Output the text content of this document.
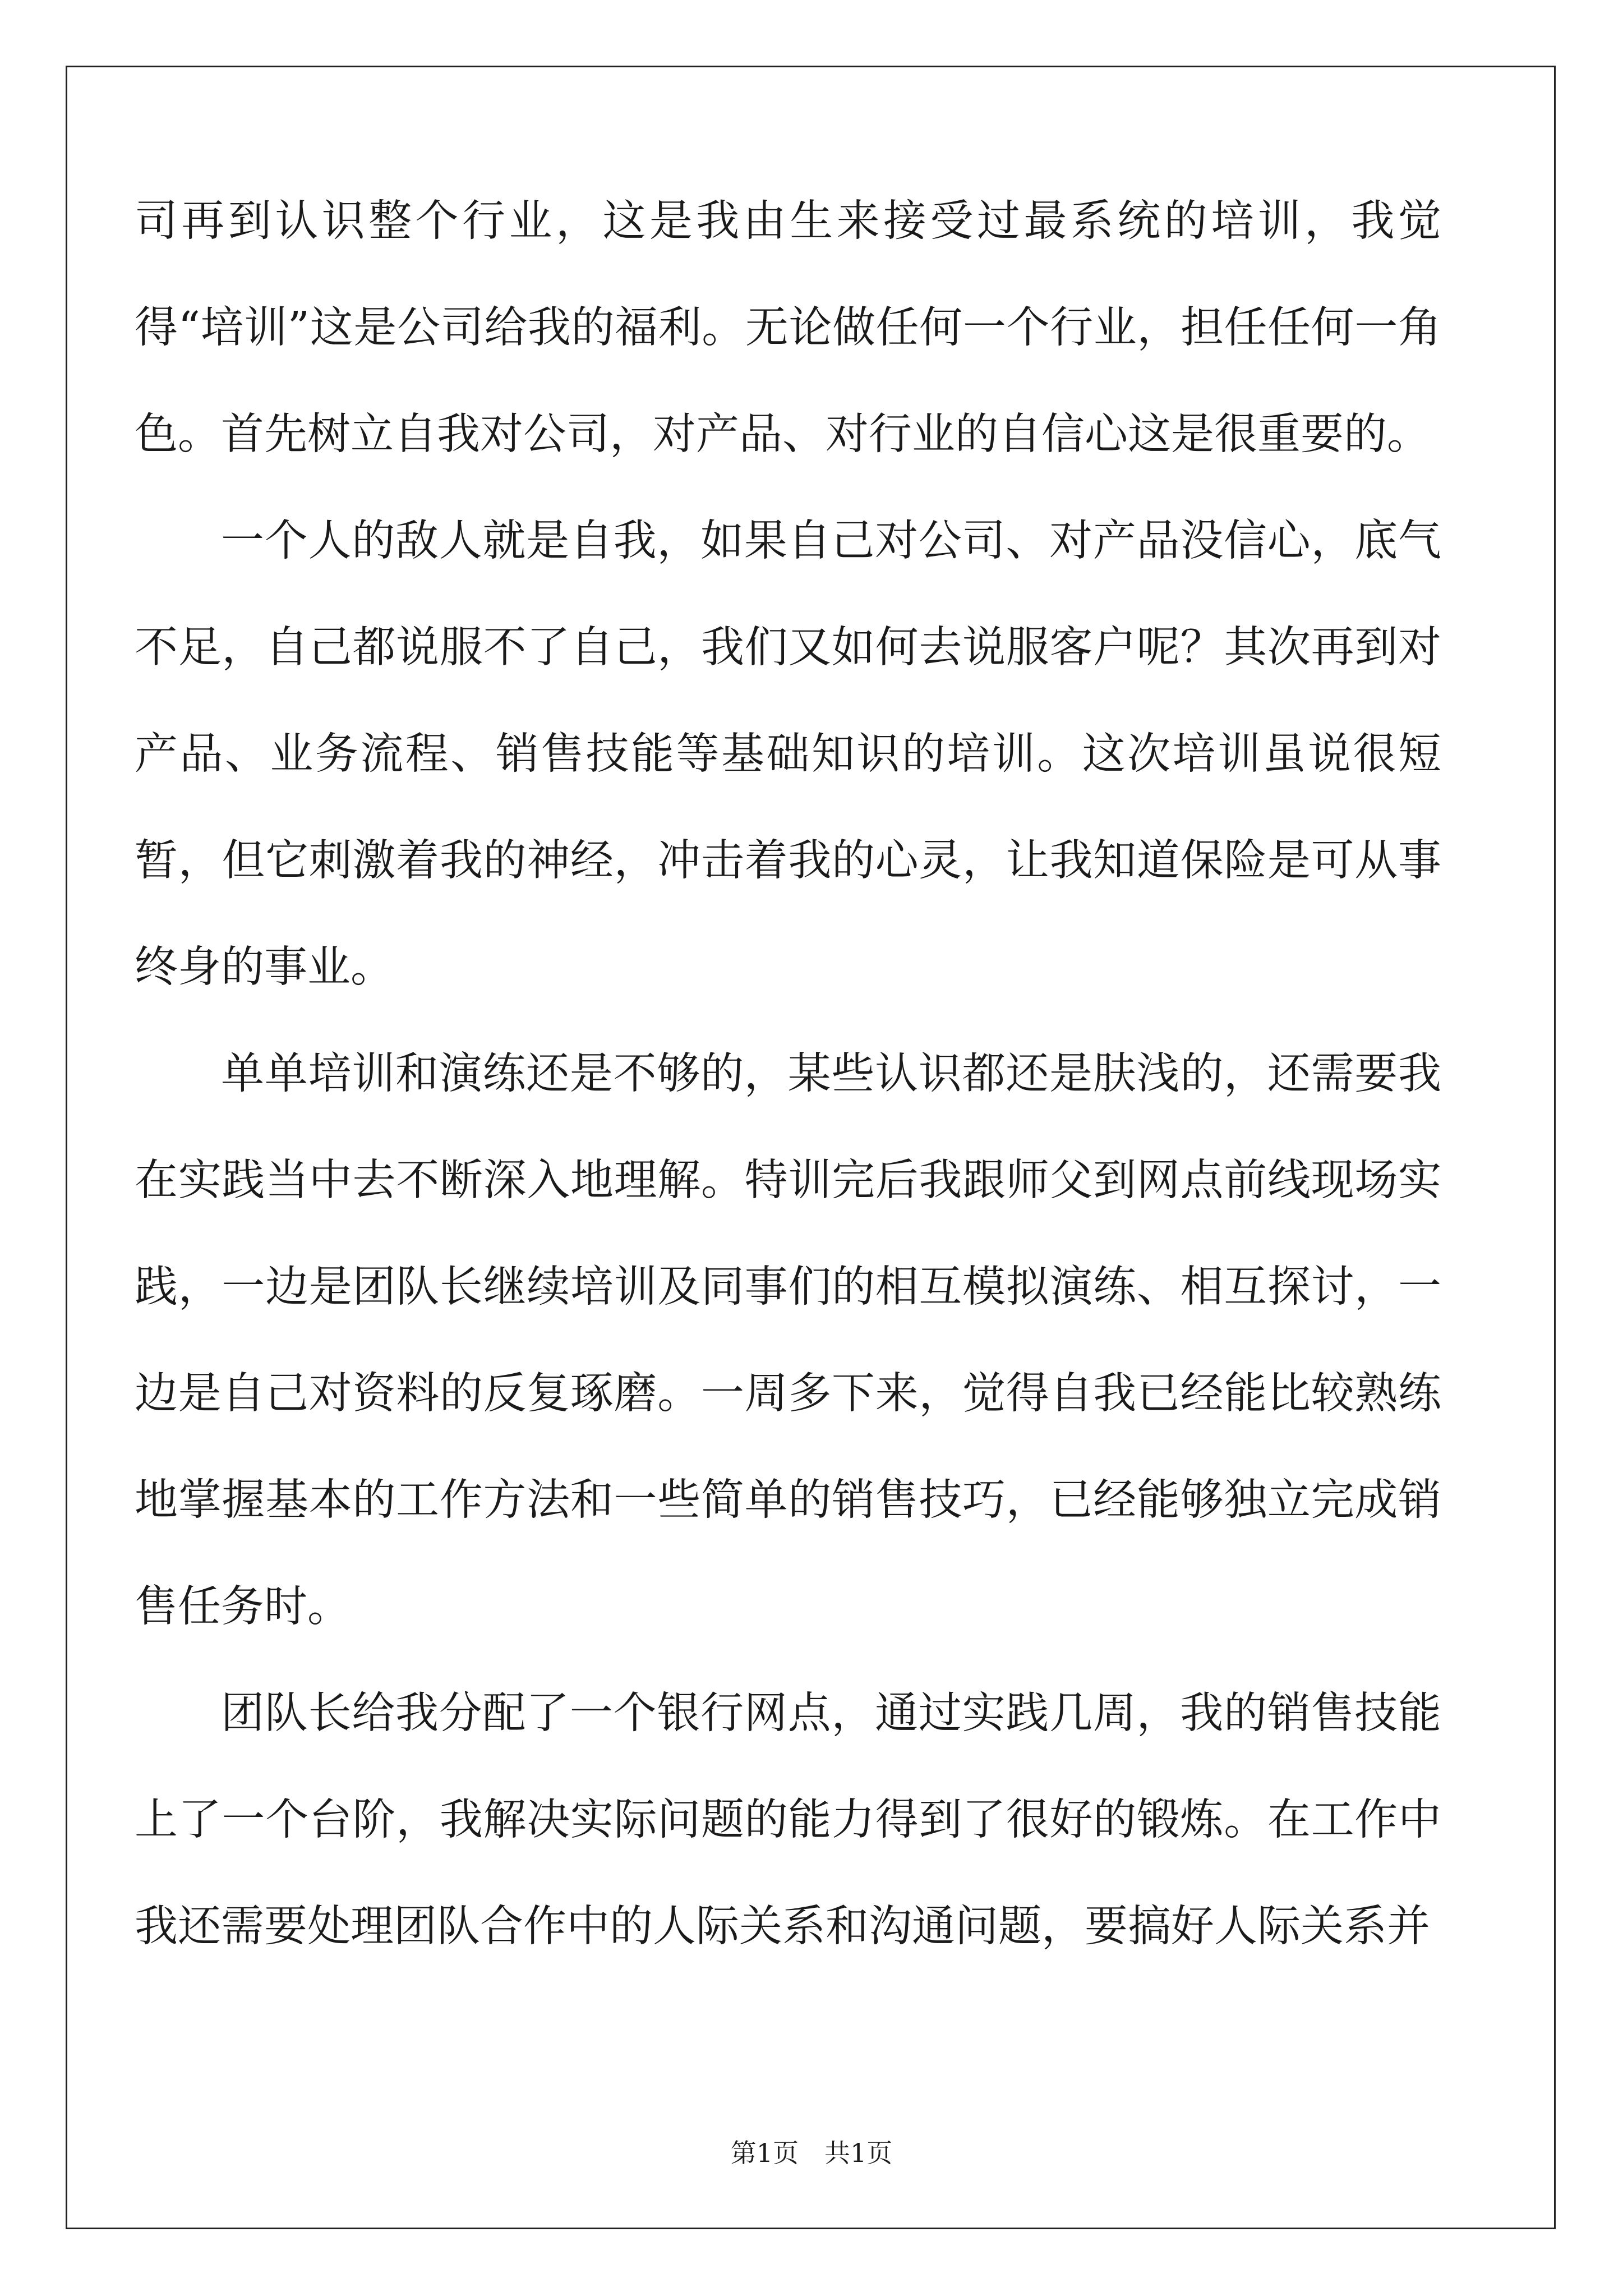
司再到认识整个行业，这是我由生来接受过最系统的培训，我觉得“培训”这是公司给我的福利。无论做任何一个行业，担任任何一角色。首先树立自我对公司，对产品、对行业的自信心这是很重要的。

一个人的敌人就是自我，如果自己对公司、对产品没信心，底气不足，自己都说服不了自己，我们又如何去说服客户呢？其次再到对产品、业务流程、销售技能等基础知识的培训。这次培训虽说很短暂，但它刺激着我的神经，冲击着我的心灵，让我知道保险是可从事终身的事业。

单单培训和演练还是不够的，某些认识都还是肤浅的，还需要我在实践当中去不断深入地理解。特训完后我跟师父到网点前线现场实践，一边是团队长继续培训及同事们的相互模拟演练、相互探讨，一边是自己对资料的反复琢磨。一周多下来，觉得自我已经能比较熟练地掌握基本的工作方法和一些简单的销售技巧，已经能够独立完成销售任务时。

团队长给我分配了一个银行网点，通过实践几周，我的销售技能上了一个台阶，我解决实际问题的能力得到了很好的锻炼。在工作中我还需要处理团队合作中的人际关系和沟通问题，要搞好人际关系并

第1页 共1页
